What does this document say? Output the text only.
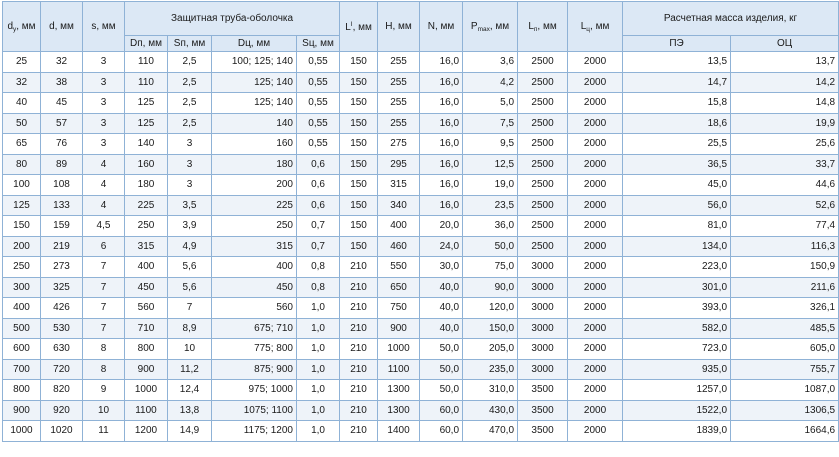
$d_y$, мм	d, мм	s, мм	Защитная труба-оболочка				$L^I$, мм	H, мм	N, мм	$P_{max}$, мм	$L_п$, мм	$L_ц$, мм	Расчетная масса изделия, кг	
			Dп, мм	Sп, мм	Dц, мм	Sц, мм							ПЭ	ОЦ
25	32	3	110	2,5	100; 125; 140	0,55	150	255	16,0	3,6	2500	2000	13,5	13,7
32	38	3	110	2,5	125; 140	0,55	150	255	16,0	4,2	2500	2000	14,7	14,2
40	45	3	125	2,5	125; 140	0,55	150	255	16,0	5,0	2500	2000	15,8	14,8
50	57	3	125	2,5	140	0,55	150	255	16,0	7,5	2500	2000	18,6	19,9
65	76	3	140	3	160	0,55	150	275	16,0	9,5	2500	2000	25,5	25,6
80	89	4	160	3	180	0,6	150	295	16,0	12,5	2500	2000	36,5	33,7
100	108	4	180	3	200	0,6	150	315	16,0	19,0	2500	2000	45,0	44,6
125	133	4	225	3,5	225	0,6	150	340	16,0	23,5	2500	2000	56,0	52,6
150	159	4,5	250	3,9	250	0,7	150	400	20,0	36,0	2500	2000	81,0	77,4
200	219	6	315	4,9	315	0,7	150	460	24,0	50,0	2500	2000	134,0	116,3
250	273	7	400	5,6	400	0,8	210	550	30,0	75,0	3000	2000	223,0	150,9
300	325	7	450	5,6	450	0,8	210	650	40,0	90,0	3000	2000	301,0	211,6
400	426	7	560	7	560	1,0	210	750	40,0	120,0	3000	2000	393,0	326,1
500	530	7	710	8,9	675; 710	1,0	210	900	40,0	150,0	3000	2000	582,0	485,5
600	630	8	800	10	775; 800	1,0	210	1000	50,0	205,0	3000	2000	723,0	605,0
700	720	8	900	11,2	875; 900	1,0	210	1100	50,0	235,0	3000	2000	935,0	755,7
800	820	9	1000	12,4	975; 1000	1,0	210	1300	50,0	310,0	3500	2000	1257,0	1087,0
900	920	10	1100	13,8	1075; 1100	1,0	210	1300	60,0	430,0	3500	2000	1522,0	1306,5
1000	1020	11	1200	14,9	1175; 1200	1,0	210	1400	60,0	470,0	3500	2000	1839,0	1664,6
